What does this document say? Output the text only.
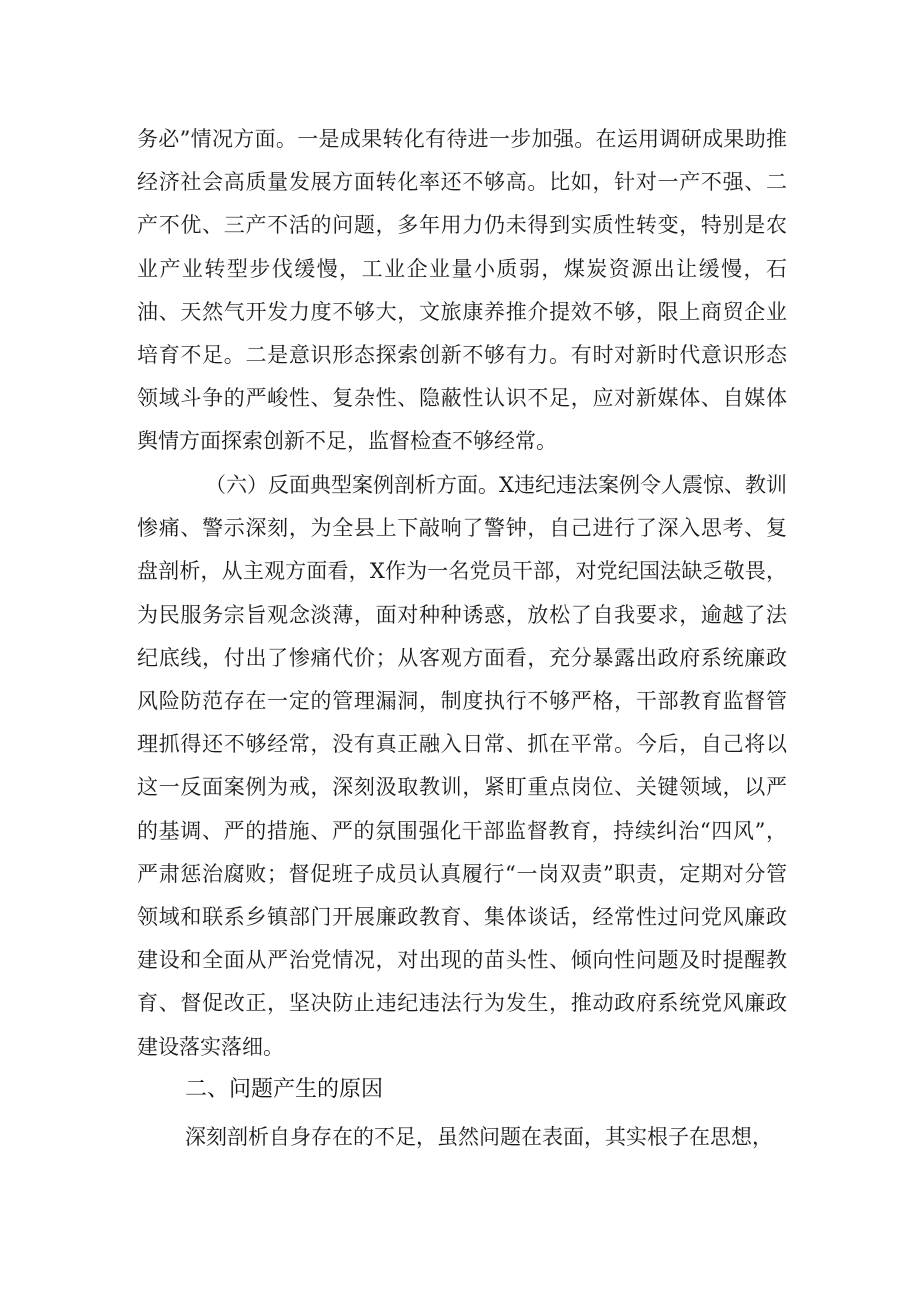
务必”情况方面。一是成果转化有待进一步加强。在运用调研成果助推经济社会高质量发展方面转化率还不够高。比如，针对一产不强、二产不优、三产不活的问题，多年用力仍未得到实质性转变，特别是农业产业转型步伐缓慢，工业企业量小质弱，煤炭资源出让缓慢，石油、天然气开发力度不够大，文旅康养推介提效不够，限上商贸企业培育不足。二是意识形态探索创新不够有力。有时对新时代意识形态领域斗争的严峻性、复杂性、隐蔽性认识不足，应对新媒体、自媒体舆情方面探索创新不足，监督检查不够经常。

（六）反面典型案例剖析方面。X违纪违法案例令人震惊、教训惨痛、警示深刻，为全县上下敲响了警钟，自己进行了深入思考、复盘剖析，从主观方面看，X作为一名党员干部，对党纪国法缺乏敬畏，为民服务宗旨观念淡薄，面对种种诱惑，放松了自我要求，逾越了法纪底线，付出了惨痛代价；从客观方面看，充分暴露出政府系统廉政风险防范存在一定的管理漏洞，制度执行不够严格，干部教育监督管理抓得还不够经常，没有真正融入日常、抓在平常。今后，自己将以这一反面案例为戒，深刻汲取教训，紧盯重点岗位、关键领域，以严的基调、严的措施、严的氛围强化干部监督教育，持续纠治“四风”，严肃惩治腐败；督促班子成员认真履行“一岗双责”职责，定期对分管领域和联系乡镇部门开展廉政教育、集体谈话，经常性过问党风廉政建设和全面从严治党情况，对出现的苗头性、倾向性问题及时提醒教育、督促改正，坚决防止违纪违法行为发生，推动政府系统党风廉政建设落实落细。

二、问题产生的原因

深刻剖析自身存在的不足，虽然问题在表面，其实根子在思想，
